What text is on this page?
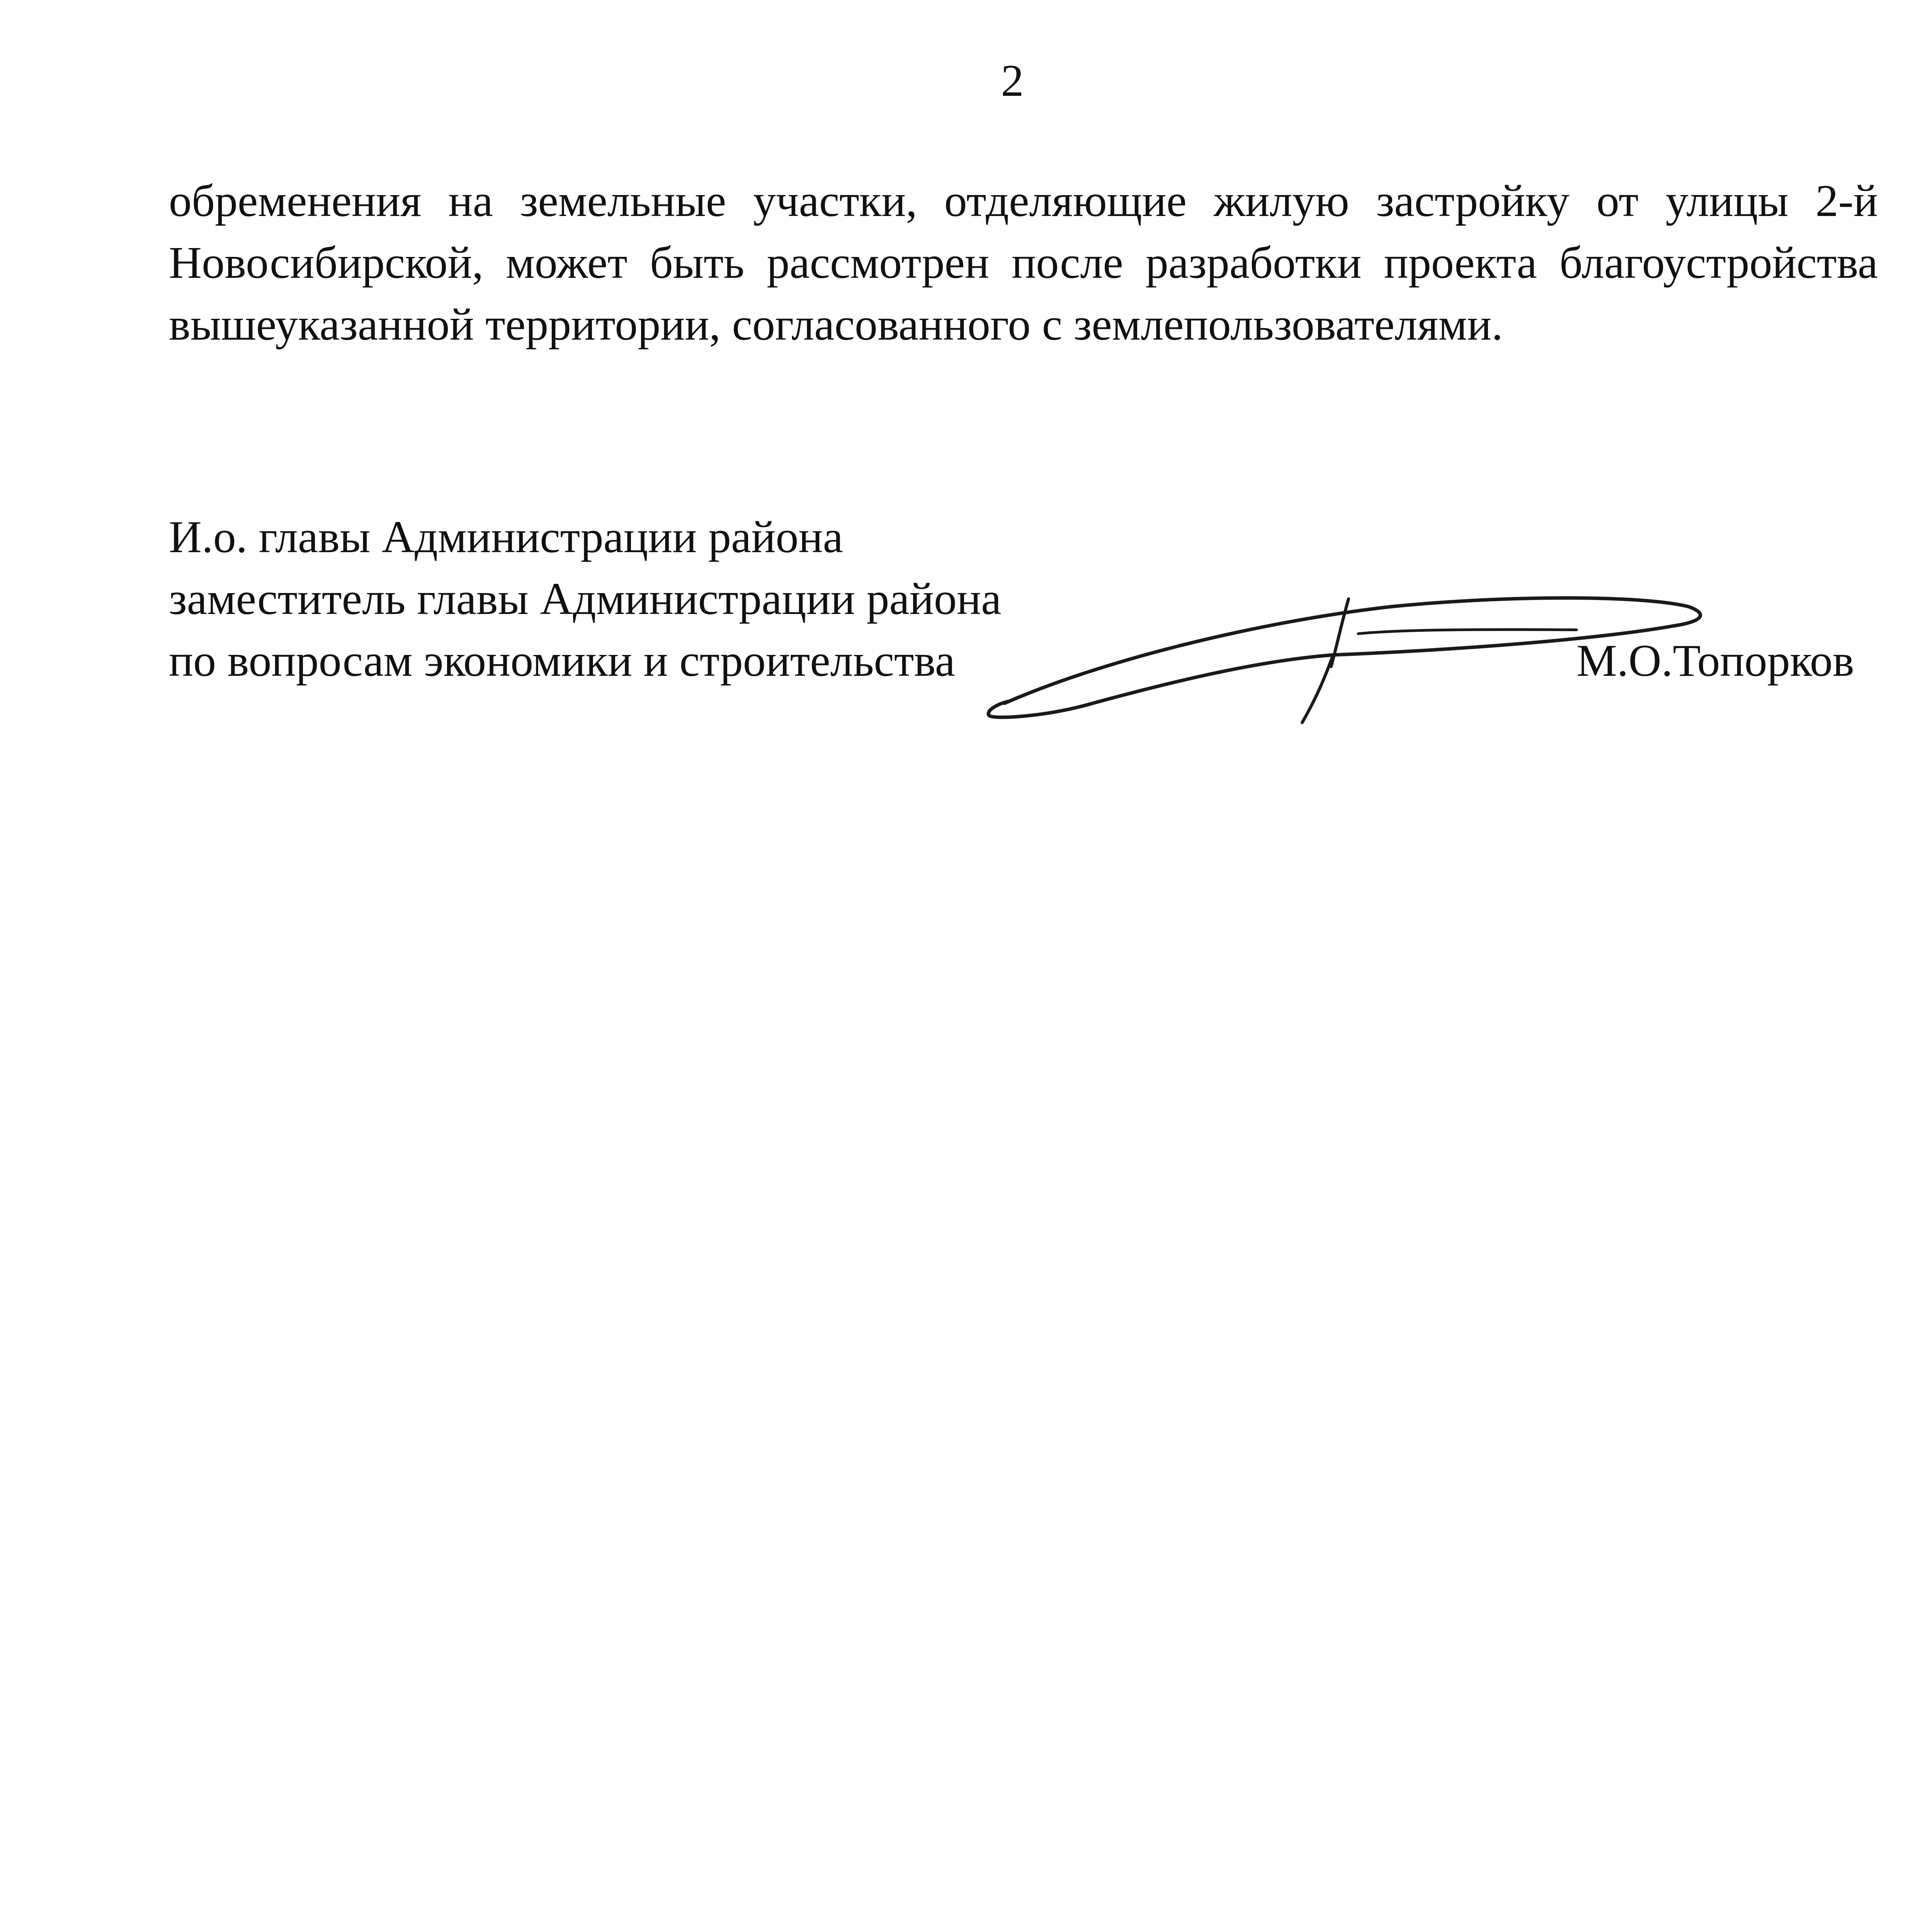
2
обременения на земельные участки, отделяющие жилую застройку от улицы 2-й
Новосибирской, может быть рассмотрен после разработки проекта благоустройства
вышеуказанной территории, согласованного с землепользователями.
И.о. главы Администрации района
заместитель главы Администрации района
по вопросам экономики и строительства	М.О.Топорков
